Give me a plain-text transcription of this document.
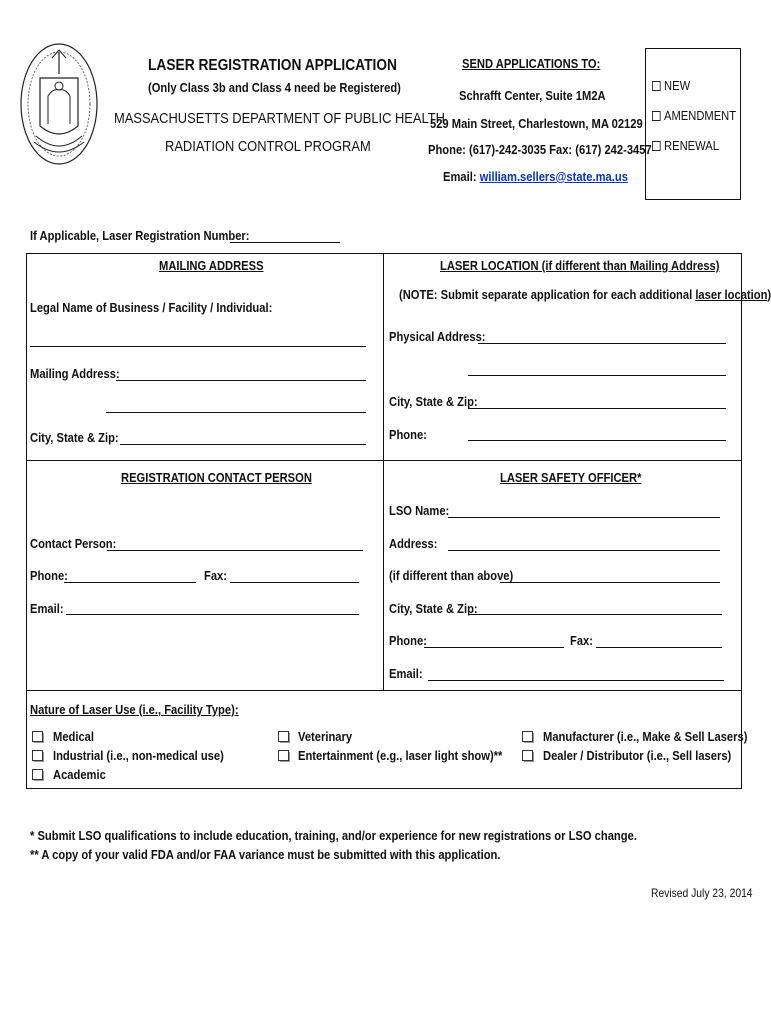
LASER REGISTRATION APPLICATION
(Only Class 3b and Class 4 need be Registered)
MASSACHUSETTS DEPARTMENT OF PUBLIC HEALTH
RADIATION CONTROL PROGRAM
SEND APPLICATIONS TO:
Schrafft Center, Suite 1M2A
529 Main Street, Charlestown, MA 02129
Phone: (617)-242-3035 Fax: (617) 242-3457
Email: william.sellers@state.ma.us
NEW
AMENDMENT
RENEWAL
If Applicable, Laser Registration Number:
MAILING ADDRESS
Legal Name of Business / Facility / Individual:
Mailing Address:
City, State & Zip:
LASER LOCATION (if different than Mailing Address)
(NOTE: Submit separate application for each additional laser location)
Physical Address:
City, State & Zip:
Phone:
REGISTRATION CONTACT PERSON
Contact Person:
Phone:	Fax:
Email:
LASER SAFETY OFFICER*
LSO Name:
Address:
(if different than above)
City, State & Zip:
Phone:	Fax:
Email:
Nature of Laser Use (i.e., Facility Type):
Medical
Industrial (i.e., non-medical use)
Academic
Veterinary
Entertainment (e.g., laser light show)**
Manufacturer (i.e., Make & Sell Lasers)
Dealer / Distributor (i.e., Sell lasers)
* Submit LSO qualifications to include education, training, and/or experience for new registrations or LSO change.
** A copy of your valid FDA and/or FAA variance must be submitted with this application.
Revised July 23, 2014
